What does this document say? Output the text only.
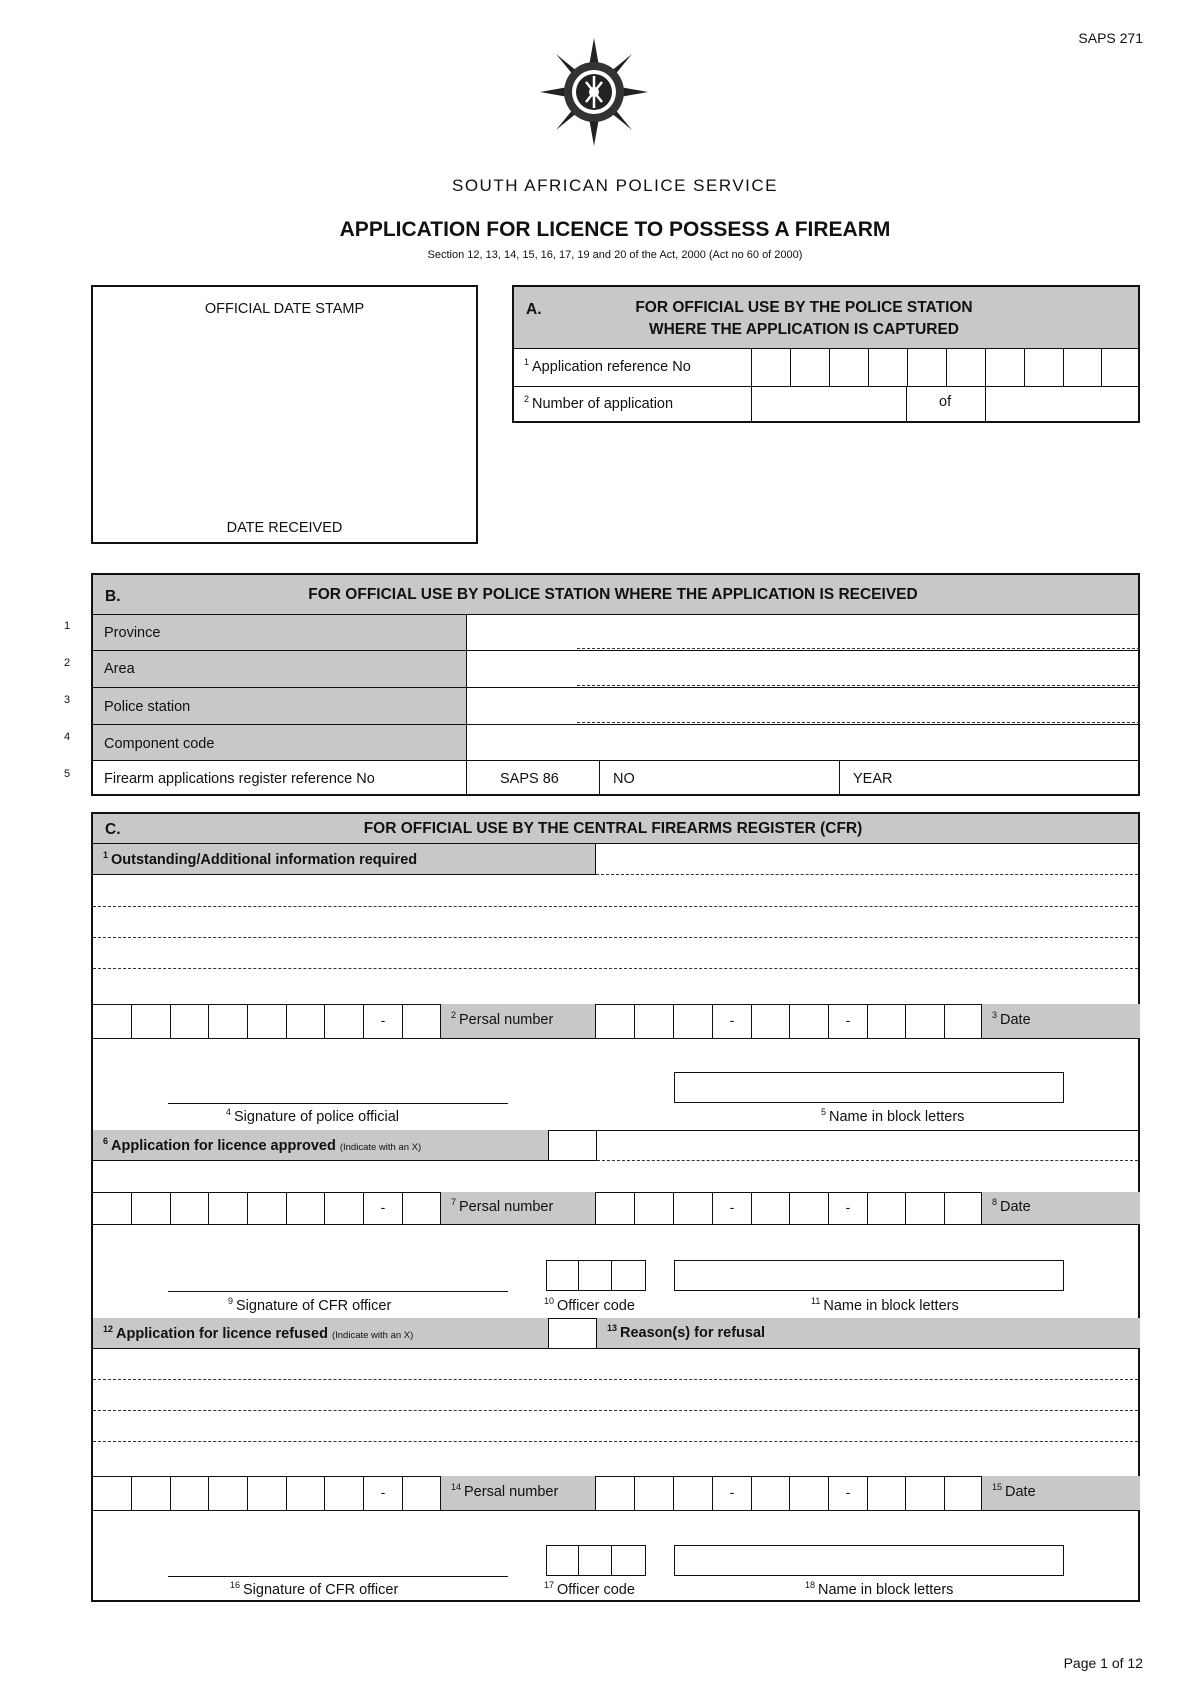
SAPS 271
SOUTH AFRICAN POLICE SERVICE
APPLICATION FOR LICENCE TO POSSESS A FIREARM
Section 12, 13, 14, 15, 16, 17, 19 and 20 of the Act, 2000 (Act no 60 of 2000)
OFFICIAL DATE STAMP
DATE RECEIVED
A.	FOR OFFICIAL USE BY THE POLICE STATION
WHERE THE APPLICATION IS CAPTURED
$^1$ Application reference No
$^2$ Number of application	of
1
2
3
4
5
B.	FOR OFFICIAL USE BY POLICE STATION WHERE THE APPLICATION IS RECEIVED
Province
Area
Police station
Component code
Firearm applications register reference No	SAPS 86	NO	YEAR
C.	FOR OFFICIAL USE BY THE CENTRAL FIREARMS REGISTER (CFR)
$^1$ Outstanding/Additional information required
-	$^2$ Persal number	-	-	$^3$ Date
$^4$ Signature of police official	$^5$ Name in block letters
$^6$ Application for licence approved (Indicate with an X)
-	$^7$ Persal number	-	-	$^8$ Date
$^9$ Signature of CFR officer	$^{10}$ Officer code	$^{11}$ Name in block letters
$^{12}$ Application for licence refused (Indicate with an X)
$^{13}$ Reason(s) for refusal
-	$^{14}$ Persal number	-	-	$^{15}$ Date
$^{16}$ Signature of CFR officer	$^{17}$ Officer code	$^{18}$ Name in block letters
Page 1 of 12
